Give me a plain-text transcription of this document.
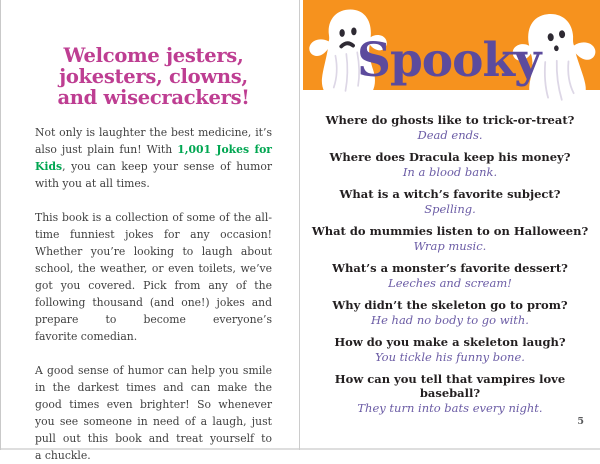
Welcome jesters,
jokesters, clowns,
and wisecrackers!

Not only is laughter the best medicine, it’s also just plain fun! With 1,001 Jokes for Kids, you can keep your sense of humor with you at all times.

This book is a collection of some of the all-time funniest jokes for any occasion! Whether you’re looking to laugh about school, the weather, or even toilets, we’ve got you covered. Pick from any of the following thousand (and one!) jokes and prepare to become everyone’s favorite comedian.

A good sense of humor can help you smile in the darkest times and can make the good times even brighter! So whenever you see someone in need of a laugh, just pull out this book and treat yourself to a chuckle.

Spooky

Where do ghosts like to trick-or-treat?

Dead ends.

Where does Dracula keep his money?

In a blood bank.

What is a witch’s favorite subject?

Spelling.

What do mummies listen to on Halloween?

Wrap music.

What’s a monster’s favorite dessert?

Leeches and scream!

Why didn’t the skeleton go to prom?

He had no body to go with.

How do you make a skeleton laugh?

You tickle his funny bone.

How can you tell that vampires love baseball?

They turn into bats every night.

5
